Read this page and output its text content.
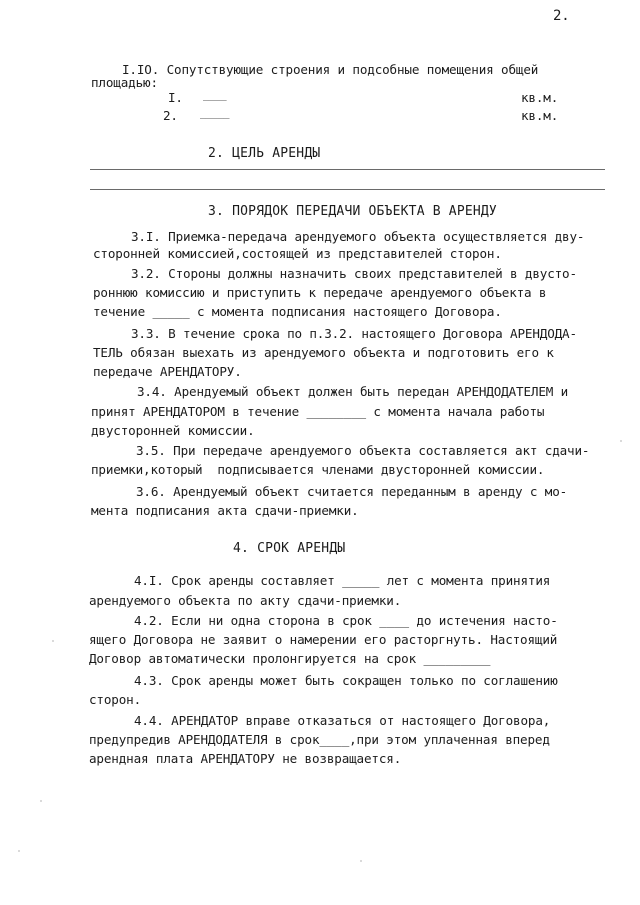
2.
I.IO. Сопутствующие строения и подсобные помещения общей
площадью:
I. ____	кв.м.
2. _____	кв.м.
2. ЦЕЛЬ АРЕНДЫ
3. ПОРЯДОК ПЕРЕДАЧИ ОБЪЕКТА В АРЕНДУ
3.I. Приемка-передача арендуемого объекта осуществляется дву-
сторонней комиссией,состоящей из представителей сторон.
3.2. Стороны должны назначить своих представителей в двусто-
роннюю комиссию и приступить к передаче арендуемого объекта в
течение _____ с момента подписания настоящего Договора.
3.3. В течение срока по п.3.2. настоящего Договора АРЕНДОДА-
ТЕЛЬ обязан выехать из арендуемого объекта и подготовить его к
передаче АРЕНДАТОРУ.
3.4. Арендуемый объект должен быть передан АРЕНДОДАТЕЛЕМ и
принят АРЕНДАТОРОМ в течение ________ с момента начала работы
двусторонней комиссии.
3.5. При передаче арендуемого объекта составляется акт сдачи-
приемки,который  подписывается членами двусторонней комиссии.
3.6. Арендуемый объект считается переданным в аренду с мо-
мента подписания акта сдачи-приемки.
4. СРОК АРЕНДЫ
4.I. Срок аренды составляет _____ лет с момента принятия
арендуемого объекта по акту сдачи-приемки.
4.2. Если ни одна сторона в срок ____ до истечения насто-
ящего Договора не заявит о намерении его расторгнуть. Настоящий
Договор автоматически пролонгируется на срок _________
4.3. Срок аренды может быть сокращен только по соглашению
сторон.
4.4. АРЕНДАТОР вправе отказаться от настоящего Договора,
предупредив АРЕНДОДАТЕЛЯ в срок____,при этом уплаченная вперед
арендная плата АРЕНДАТОРУ не возвращается.
